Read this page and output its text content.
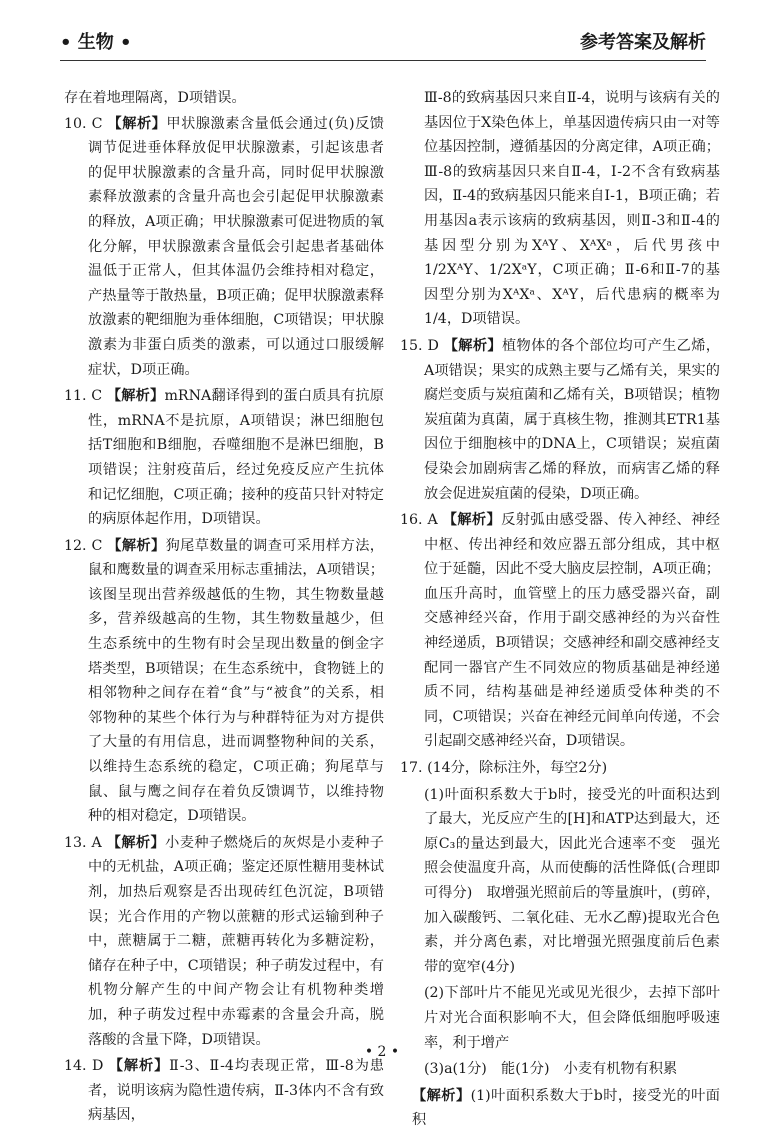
• 生物 •	参考答案及解析

存在着地理隔离，D项错误。

10. C 【解析】甲状腺激素含量低会通过(负)反馈调节促进垂体释放促甲状腺激素，引起该患者的促甲状腺激素的含量升高，同时促甲状腺激素释放激素的含量升高也会引起促甲状腺激素的释放，A项正确；甲状腺激素可促进物质的氧化分解，甲状腺激素含量低会引起患者基础体温低于正常人，但其体温仍会维持相对稳定，产热量等于散热量，B项正确；促甲状腺激素释放激素的靶细胞为垂体细胞，C项错误；甲状腺激素为非蛋白质类的激素，可以通过口服缓解症状，D项正确。

11. C 【解析】mRNA翻译得到的蛋白质具有抗原性，mRNA不是抗原，A项错误；淋巴细胞包括T细胞和B细胞，吞噬细胞不是淋巴细胞，B项错误；注射疫苗后，经过免疫反应产生抗体和记忆细胞，C项正确；接种的疫苗只针对特定的病原体起作用，D项错误。

12. C 【解析】狗尾草数量的调查可采用样方法，鼠和鹰数量的调查采用标志重捕法，A项错误；该图呈现出营养级越低的生物，其生物数量越多，营养级越高的生物，其生物数量越少，但生态系统中的生物有时会呈现出数量的倒金字塔类型，B项错误；在生态系统中，食物链上的相邻物种之间存在着“食”与“被食”的关系，相邻物种的某些个体行为与种群特征为对方提供了大量的有用信息，进而调整物种间的关系，以维持生态系统的稳定，C项正确；狗尾草与鼠、鼠与鹰之间存在着负反馈调节，以维持物种的相对稳定，D项错误。

13. A 【解析】小麦种子燃烧后的灰烬是小麦种子中的无机盐，A项正确；鉴定还原性糖用斐林试剂，加热后观察是否出现砖红色沉淀，B项错误；光合作用的产物以蔗糖的形式运输到种子中，蔗糖属于二糖，蔗糖再转化为多糖淀粉，储存在种子中，C项错误；种子萌发过程中，有机物分解产生的中间产物会让有机物种类增加，种子萌发过程中赤霉素的含量会升高，脱落酸的含量下降，D项错误。

14. D 【解析】Ⅱ-3、Ⅱ-4均表现正常，Ⅲ-8为患者，说明该病为隐性遗传病，Ⅱ-3体内不含有致病基因，

Ⅲ-8的致病基因只来自Ⅱ-4，说明与该病有关的基因位于X染色体上，单基因遗传病只由一对等位基因控制，遵循基因的分离定律，A项正确；Ⅲ-8的致病基因只来自Ⅱ-4，Ⅰ-2不含有致病基因，Ⅱ-4的致病基因只能来自Ⅰ-1，B项正确；若用基因a表示该病的致病基因，则Ⅱ-3和Ⅱ-4的基因型分别为XᴬY、XᴬXᵃ，后代男孩中1/2XᴬY、1/2XᵃY，C项正确；Ⅱ-6和Ⅱ-7的基因型分别为XᴬXᵃ、XᴬY，后代患病的概率为1/4，D项错误。

15. D 【解析】植物体的各个部位均可产生乙烯，A项错误；果实的成熟主要与乙烯有关，果实的腐烂变质与炭疽菌和乙烯有关，B项错误；植物炭疽菌为真菌，属于真核生物，推测其ETR1基因位于细胞核中的DNA上，C项错误；炭疽菌侵染会加剧病害乙烯的释放，而病害乙烯的释放会促进炭疽菌的侵染，D项正确。

16. A 【解析】反射弧由感受器、传入神经、神经中枢、传出神经和效应器五部分组成，其中枢位于延髓，因此不受大脑皮层控制，A项正确；血压升高时，血管壁上的压力感受器兴奋，副交感神经兴奋，作用于副交感神经的为兴奋性神经递质，B项错误；交感神经和副交感神经支配同一器官产生不同效应的物质基础是神经递质不同，结构基础是神经递质受体种类的不同，C项错误；兴奋在神经元间单向传递，不会引起副交感神经兴奋，D项错误。

17. (14分，除标注外，每空2分)

(1)叶面积系数大于b时，接受光的叶面积达到了最大，光反应产生的[H]和ATP达到最大，还原C₃的量达到最大，因此光合速率不变　强光照会使温度升高，从而使酶的活性降低(合理即可得分)　取增强光照前后的等量旗叶，(剪碎，加入碳酸钙、二氧化硅、无水乙醇)提取光合色素，并分离色素，对比增强光照强度前后色素带的宽窄(4分)

(2)下部叶片不能见光或见光很少，去掉下部叶片对光合面积影响不大，但会降低细胞呼吸速率，利于增产

(3)a(1分)　能(1分)　小麦有机物有积累

【解析】(1)叶面积系数大于b时，接受光的叶面积

• 2 •
